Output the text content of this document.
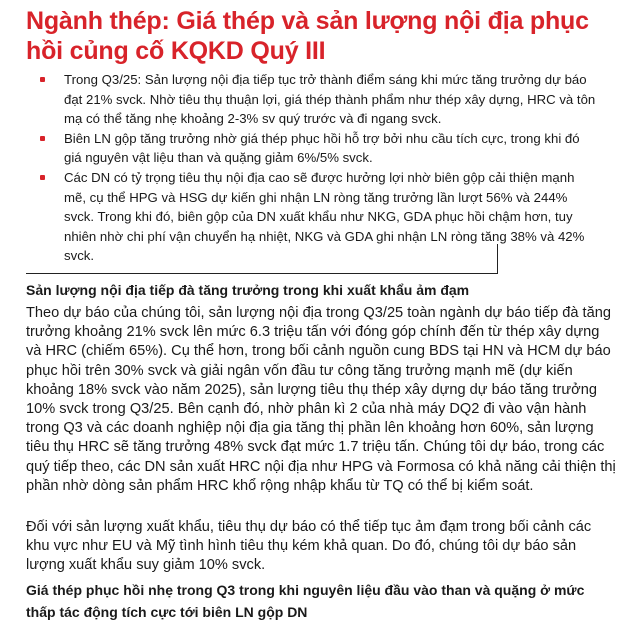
Ngành thép: Giá thép và sản lượng nội địa phục hồi củng cố KQKD Quý III
Trong Q3/25: Sản lượng nội địa tiếp tục trở thành điểm sáng khi mức tăng trưởng dự báo đạt 21% svck. Nhờ tiêu thụ thuận lợi, giá thép thành phẩm như thép xây dựng, HRC và tôn mạ có thể tăng nhẹ khoảng 2-3% sv quý trước và đi ngang svck.
Biên LN gộp tăng trưởng nhờ giá thép phục hồi hỗ trợ bởi nhu cầu tích cực, trong khi đó giá nguyên vật liệu than và quặng giảm 6%/5% svck.
Các DN có tỷ trọng tiêu thụ nội địa cao sẽ được hưởng lợi nhờ biên gộp cải thiện mạnh mẽ, cụ thể HPG và HSG dự kiến ghi nhận LN ròng tăng trưởng lần lượt 56% và 244% svck. Trong khi đó, biên gộp của DN xuất khẩu như NKG, GDA phục hồi chậm hơn, tuy nhiên nhờ chi phí vận chuyển hạ nhiệt, NKG và GDA ghi nhận LN ròng tăng 38% và 42% svck.
Sản lượng nội địa tiếp đà tăng trưởng trong khi xuất khẩu ảm đạm
Theo dự báo của chúng tôi, sản lượng nội địa trong Q3/25 toàn ngành dự báo tiếp đà tăng trưởng khoảng 21% svck lên mức 6.3 triệu tấn với đóng góp chính đến từ thép xây dựng và HRC (chiếm 65%). Cụ thể hơn, trong bối cảnh nguồn cung BDS tại HN và HCM dự báo phục hồi trên 30% svck và giải ngân vốn đầu tư công tăng trưởng mạnh mẽ (dự kiến khoảng 18% svck vào năm 2025), sản lượng tiêu thụ thép xây dựng dự báo tăng trưởng 10% svck trong Q3/25. Bên cạnh đó, nhờ phân kì 2 của nhà máy DQ2 đi vào vận hành trong Q3 và các doanh nghiệp nội địa gia tăng thị phần lên khoảng hơn 60%, sản lượng tiêu thụ HRC sẽ tăng trưởng 48% svck đạt mức 1.7 triệu tấn. Chúng tôi dự báo, trong các quý tiếp theo, các DN sản xuất HRC nội địa như HPG và Formosa có khả năng cải thiện thị phần nhờ dòng sản phẩm HRC khổ rộng nhập khẩu từ TQ có thể bị kiểm soát.
Đối với sản lượng xuất khẩu, tiêu thụ dự báo có thể tiếp tục ảm đạm trong bối cảnh các khu vực như EU và Mỹ tình hình tiêu thụ kém khả quan. Do đó, chúng tôi dự báo sản lượng xuất khẩu suy giảm 10% svck.
Giá thép phục hồi nhẹ trong Q3 trong khi nguyên liệu đầu vào than và quặng ở mức thấp tác động tích cực tới biên LN gộp DN
